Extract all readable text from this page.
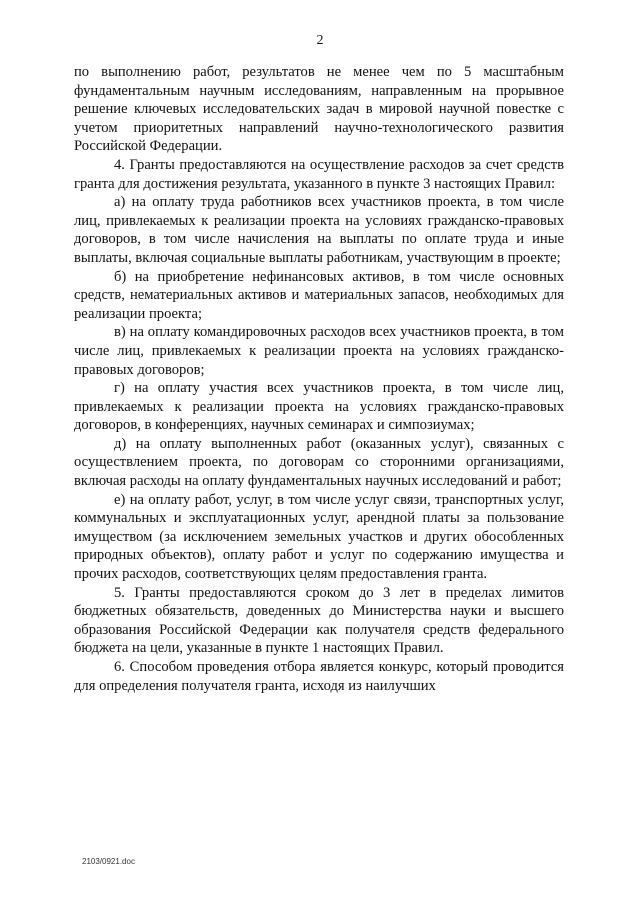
2

по выполнению работ, результатов не менее чем по 5 масштабным фундаментальным научным исследованиям, направленным на прорывное решение ключевых исследовательских задач в мировой научной повестке с учетом приоритетных направлений научно-технологического развития Российской Федерации.

4. Гранты предоставляются на осуществление расходов за счет средств гранта для достижения результата, указанного в пункте 3 настоящих Правил:

а) на оплату труда работников всех участников проекта, в том числе лиц, привлекаемых к реализации проекта на условиях гражданско-правовых договоров, в том числе начисления на выплаты по оплате труда и иные выплаты, включая социальные выплаты работникам, участвующим в проекте;

б) на приобретение нефинансовых активов, в том числе основных средств, нематериальных активов и материальных запасов, необходимых для реализации проекта;

в) на оплату командировочных расходов всех участников проекта, в том числе лиц, привлекаемых к реализации проекта на условиях гражданско-правовых договоров;

г) на оплату участия всех участников проекта, в том числе лиц, привлекаемых к реализации проекта на условиях гражданско-правовых договоров, в конференциях, научных семинарах и симпозиумах;

д) на оплату выполненных работ (оказанных услуг), связанных с осуществлением проекта, по договорам со сторонними организациями, включая расходы на оплату фундаментальных научных исследований и работ;

е) на оплату работ, услуг, в том числе услуг связи, транспортных услуг, коммунальных и эксплуатационных услуг, арендной платы за пользование имуществом (за исключением земельных участков и других обособленных природных объектов), оплату работ и услуг по содержанию имущества и прочих расходов, соответствующих целям предоставления гранта.

5. Гранты предоставляются сроком до 3 лет в пределах лимитов бюджетных обязательств, доведенных до Министерства науки и высшего образования Российской Федерации как получателя средств федерального бюджета на цели, указанные в пункте 1 настоящих Правил.

6. Способом проведения отбора является конкурс, который проводится для определения получателя гранта, исходя из наилучших

2103/0921.doc
